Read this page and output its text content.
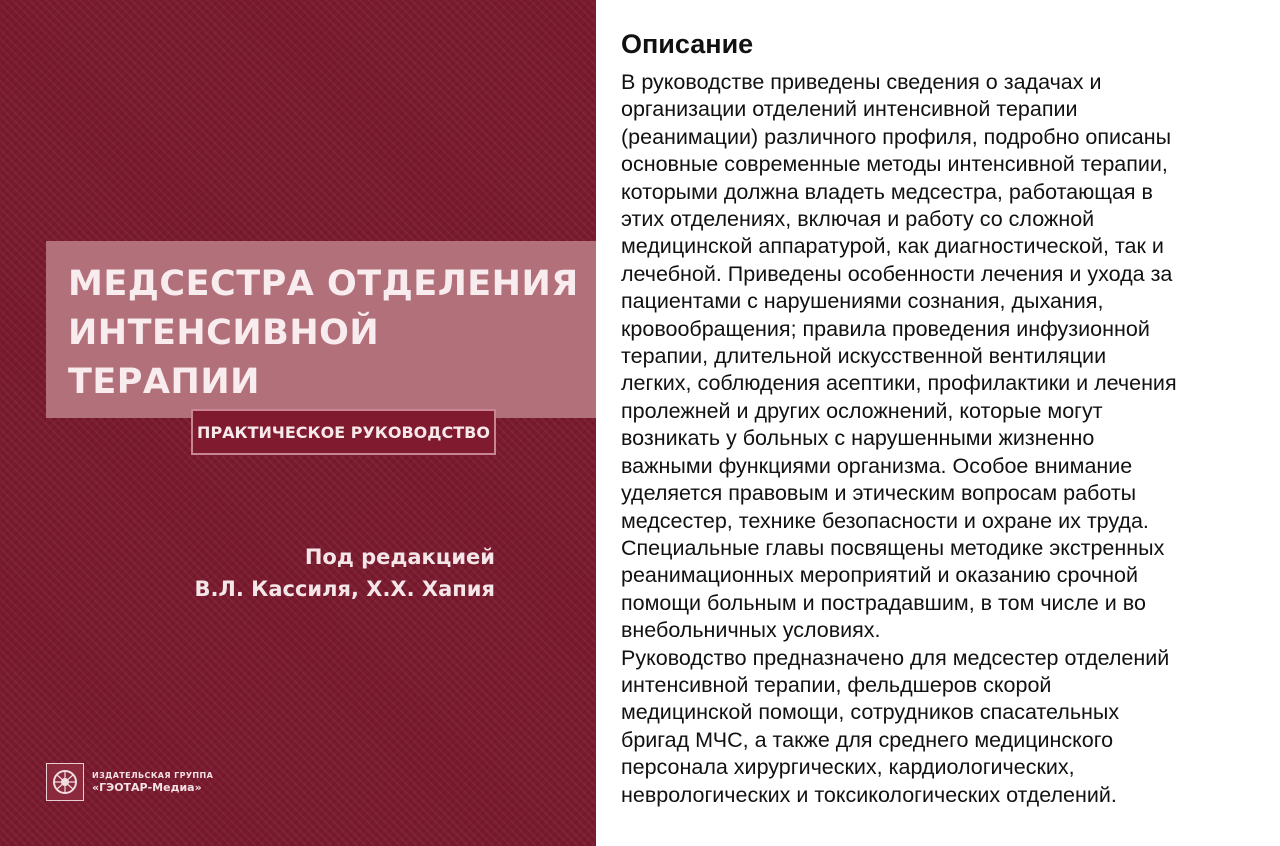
МЕДСЕСТРА ОТДЕЛЕНИЯ
ИНТЕНСИВНОЙ
ТЕРАПИИ
ПРАКТИЧЕСКОЕ РУКОВОДСТВО
Под редакцией
В.Л. Кассиля, Х.Х. Хапия
ИЗДАТЕЛЬСКАЯ ГРУППА
«ГЭОТАР-Медиа»
Описание
В руководстве приведены сведения о задачах и
организации отделений интенсивной терапии
(реанимации) различного профиля, подробно описаны
основные современные методы интенсивной терапии,
которыми должна владеть медсестра, работающая в
этих отделениях, включая и работу со сложной
медицинской аппаратурой, как диагностической, так и
лечебной. Приведены особенности лечения и ухода за
пациентами с нарушениями сознания, дыхания,
кровообращения; правила проведения инфузионной
терапии, длительной искусственной вентиляции
легких, соблюдения асептики, профилактики и лечения
пролежней и других осложнений, которые могут
возникать у больных с нарушенными жизненно
важными функциями организма. Особое внимание
уделяется правовым и этическим вопросам работы
медсестер, технике безопасности и охране их труда.
Специальные главы посвящены методике экстренных
реанимационных мероприятий и оказанию срочной
помощи больным и пострадавшим, в том числе и во
внебольничных условиях.
Руководство предназначено для медсестер отделений
интенсивной терапии, фельдшеров скорой
медицинской помощи, сотрудников спасательных
бригад МЧС, а также для среднего медицинского
персонала хирургических, кардиологических,
неврологических и токсикологических отделений.
